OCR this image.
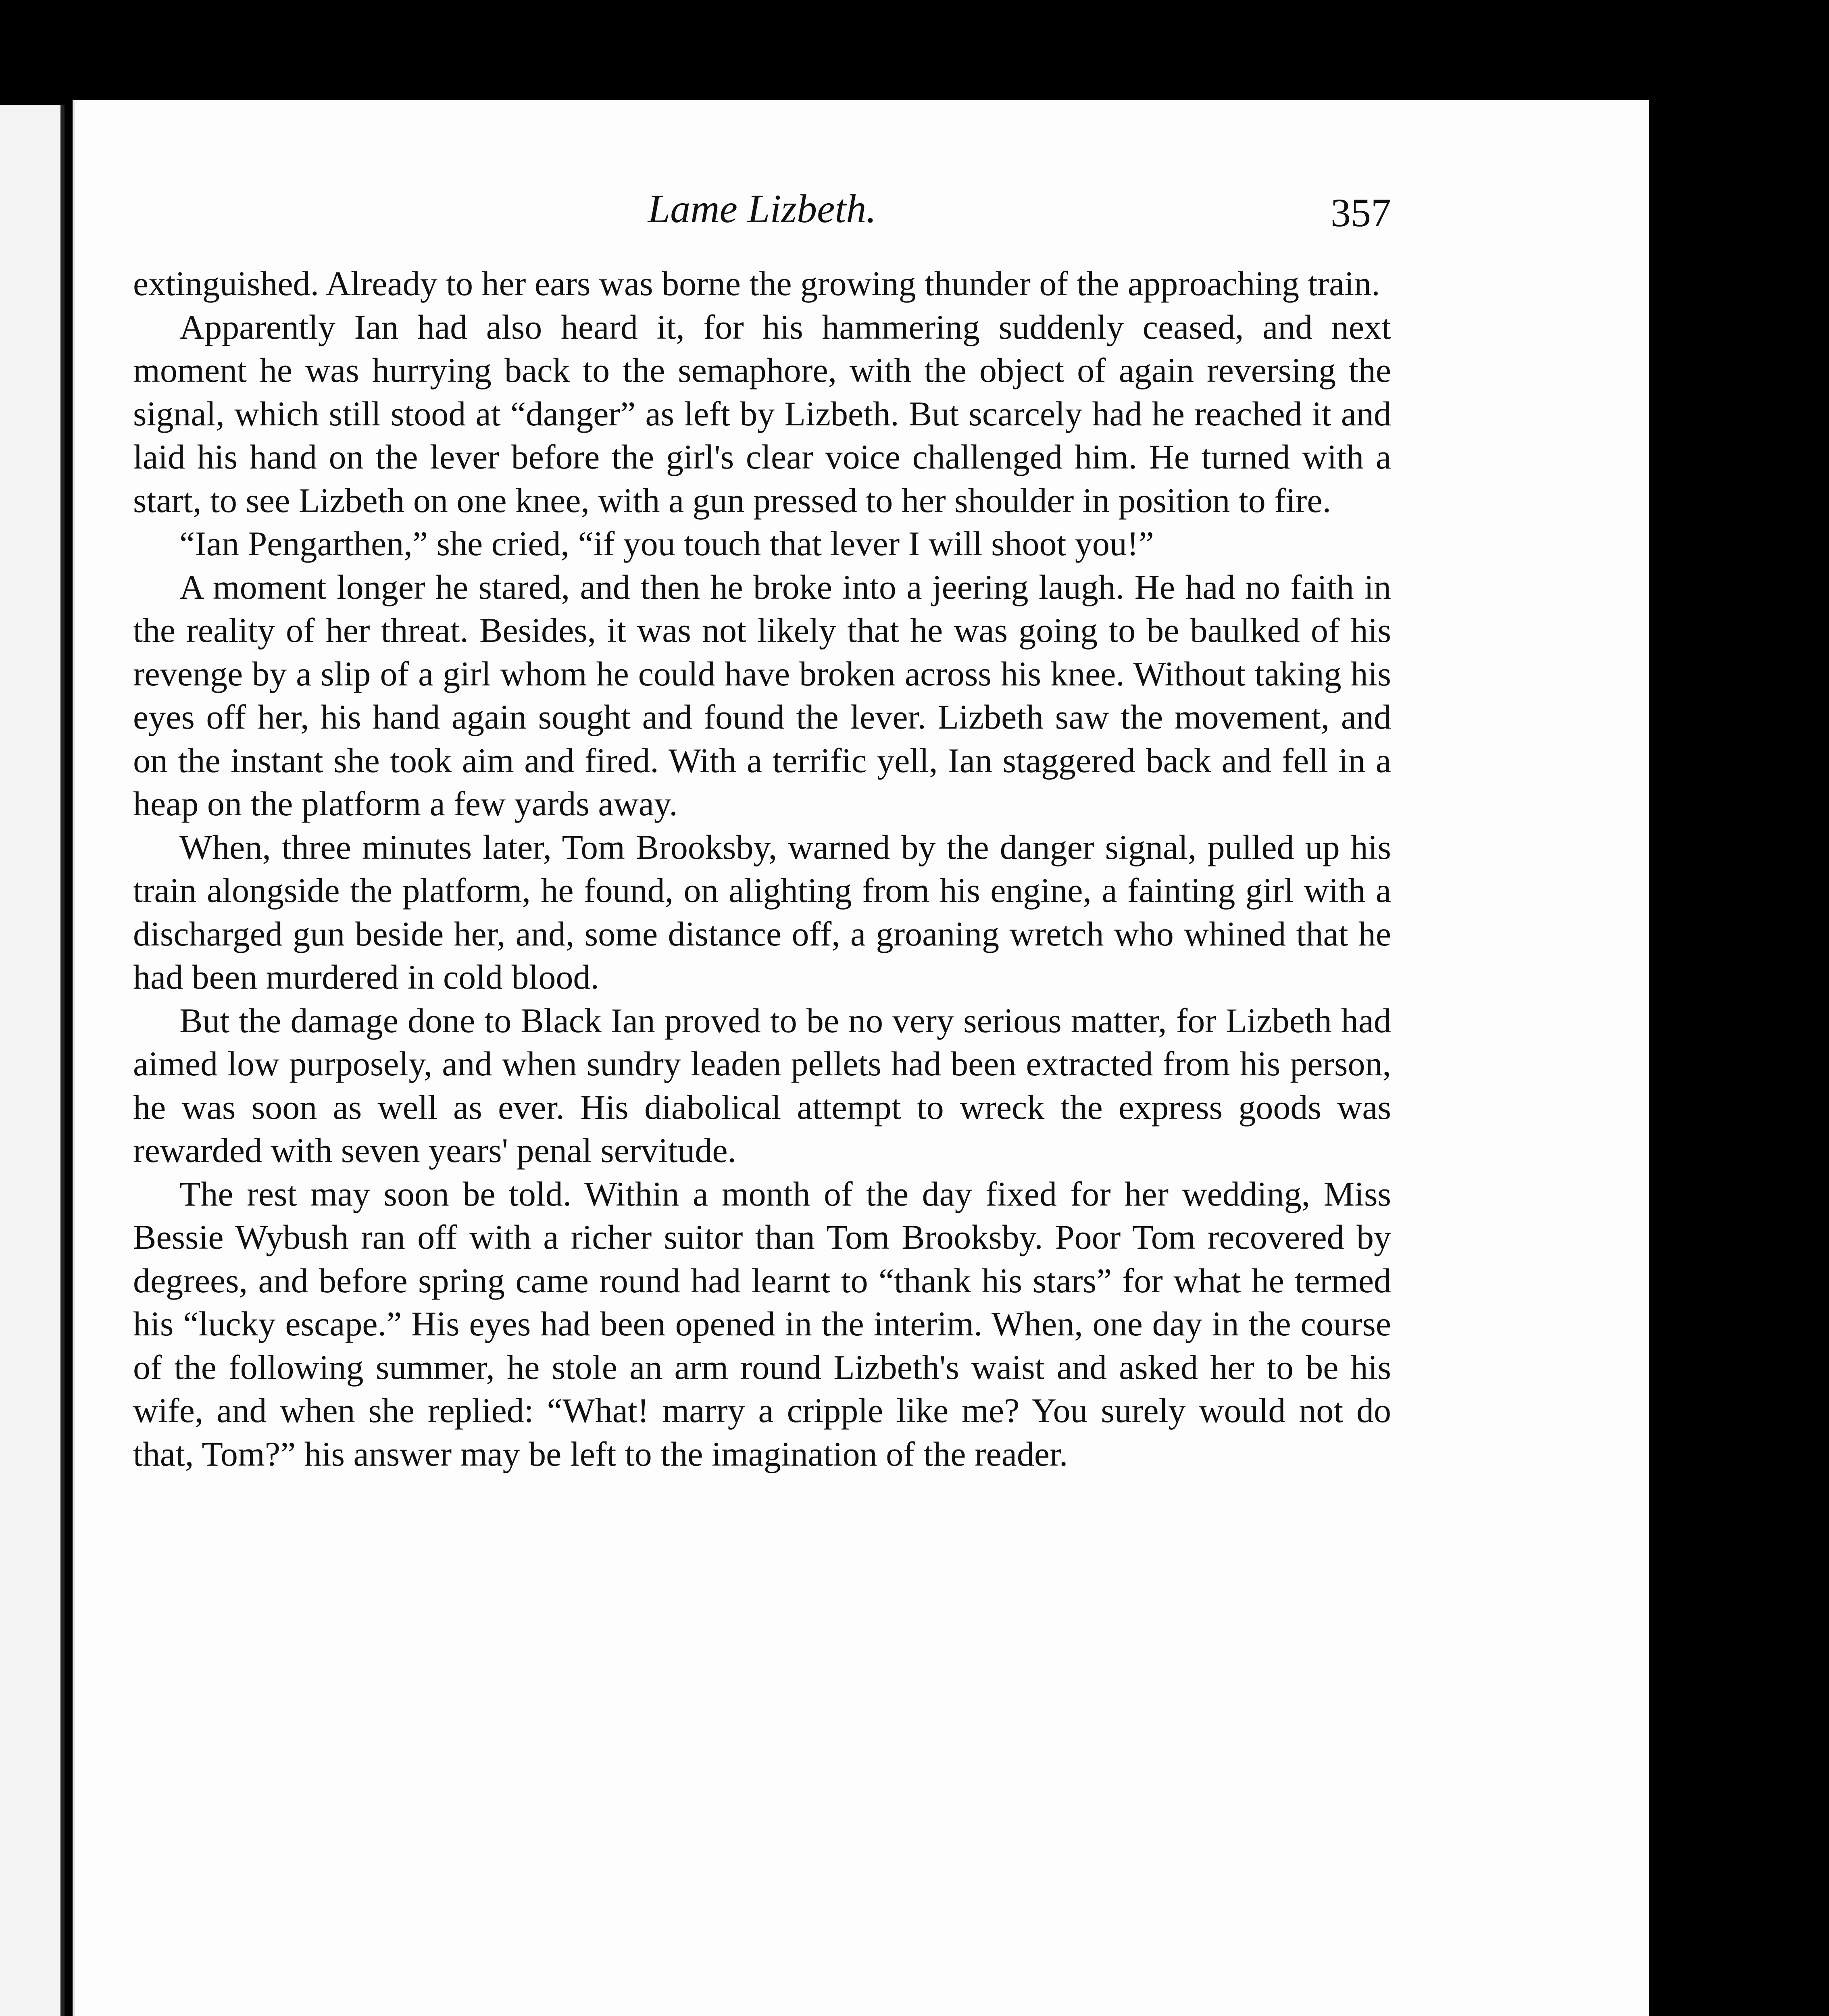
Lame Lizbeth.	357

extinguished. Already to her ears was borne the growing thunder of the approaching train.

Apparently Ian had also heard it, for his hammering suddenly ceased, and next moment he was hurrying back to the semaphore, with the object of again reversing the signal, which still stood at “danger” as left by Lizbeth. But scarcely had he reached it and laid his hand on the lever before the girl's clear voice challenged him. He turned with a start, to see Lizbeth on one knee, with a gun pressed to her shoulder in position to fire.

“Ian Pengarthen,” she cried, “if you touch that lever I will shoot you!”

A moment longer he stared, and then he broke into a jeering laugh. He had no faith in the reality of her threat. Besides, it was not likely that he was going to be baulked of his revenge by a slip of a girl whom he could have broken across his knee. Without taking his eyes off her, his hand again sought and found the lever. Lizbeth saw the movement, and on the instant she took aim and fired. With a terrific yell, Ian staggered back and fell in a heap on the platform a few yards away.

When, three minutes later, Tom Brooksby, warned by the danger signal, pulled up his train alongside the platform, he found, on alighting from his engine, a fainting girl with a discharged gun beside her, and, some distance off, a groaning wretch who whined that he had been murdered in cold blood.

But the damage done to Black Ian proved to be no very serious matter, for Lizbeth had aimed low purposely, and when sundry leaden pellets had been extracted from his person, he was soon as well as ever. His diabolical attempt to wreck the express goods was rewarded with seven years' penal servitude.

The rest may soon be told. Within a month of the day fixed for her wedding, Miss Bessie Wybush ran off with a richer suitor than Tom Brooksby. Poor Tom recovered by degrees, and before spring came round had learnt to “thank his stars” for what he termed his “lucky escape.” His eyes had been opened in the interim. When, one day in the course of the following summer, he stole an arm round Lizbeth's waist and asked her to be his wife, and when she replied: “What! marry a cripple like me? You surely would not do that, Tom?” his answer may be left to the imagination of the reader.
